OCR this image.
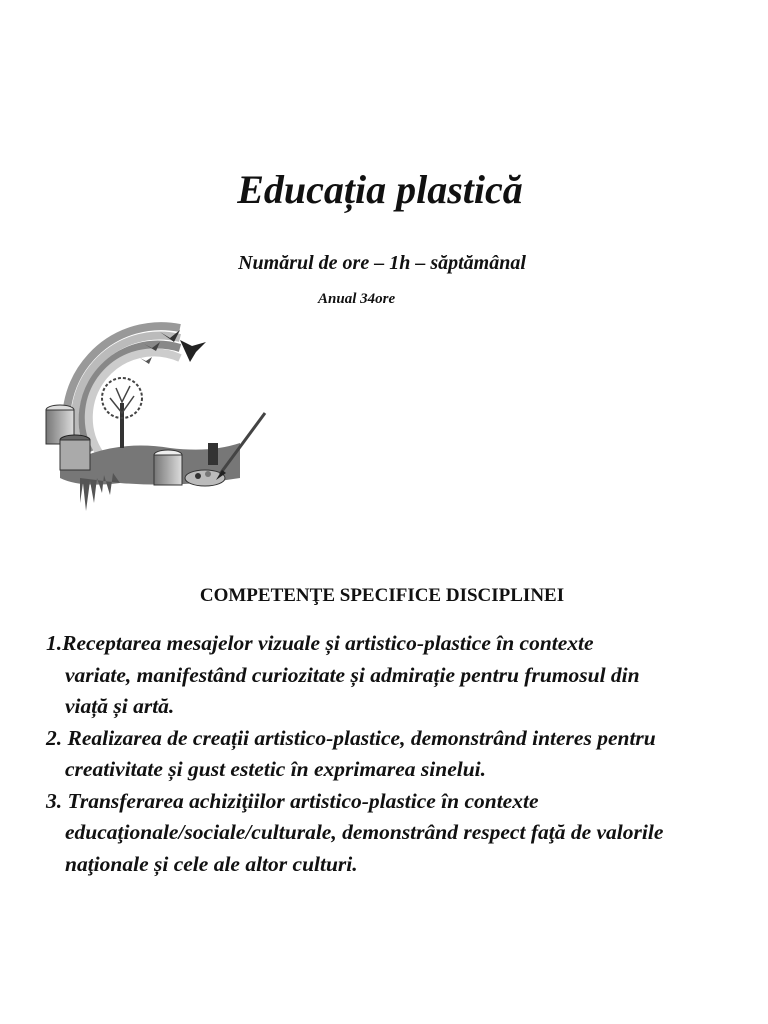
Educația plastică
Numărul de ore – 1h – săptămânal
Anual 34ore
COMPETENŢE SPECIFICE DISCIPLINEI
1.Receptarea mesajelor vizuale și artistico-plastice în contexte
variate, manifestând curiozitate și admirație pentru frumosul din
viață și artă.
2. Realizarea de creații artistico-plastice, demonstrând interes pentru
creativitate și gust estetic în exprimarea sinelui.
3. Transferarea achiziţiilor artistico-plastice în contexte
educaţionale/sociale/culturale, demonstrând respect faţă de valorile
naţionale și cele ale altor culturi.
